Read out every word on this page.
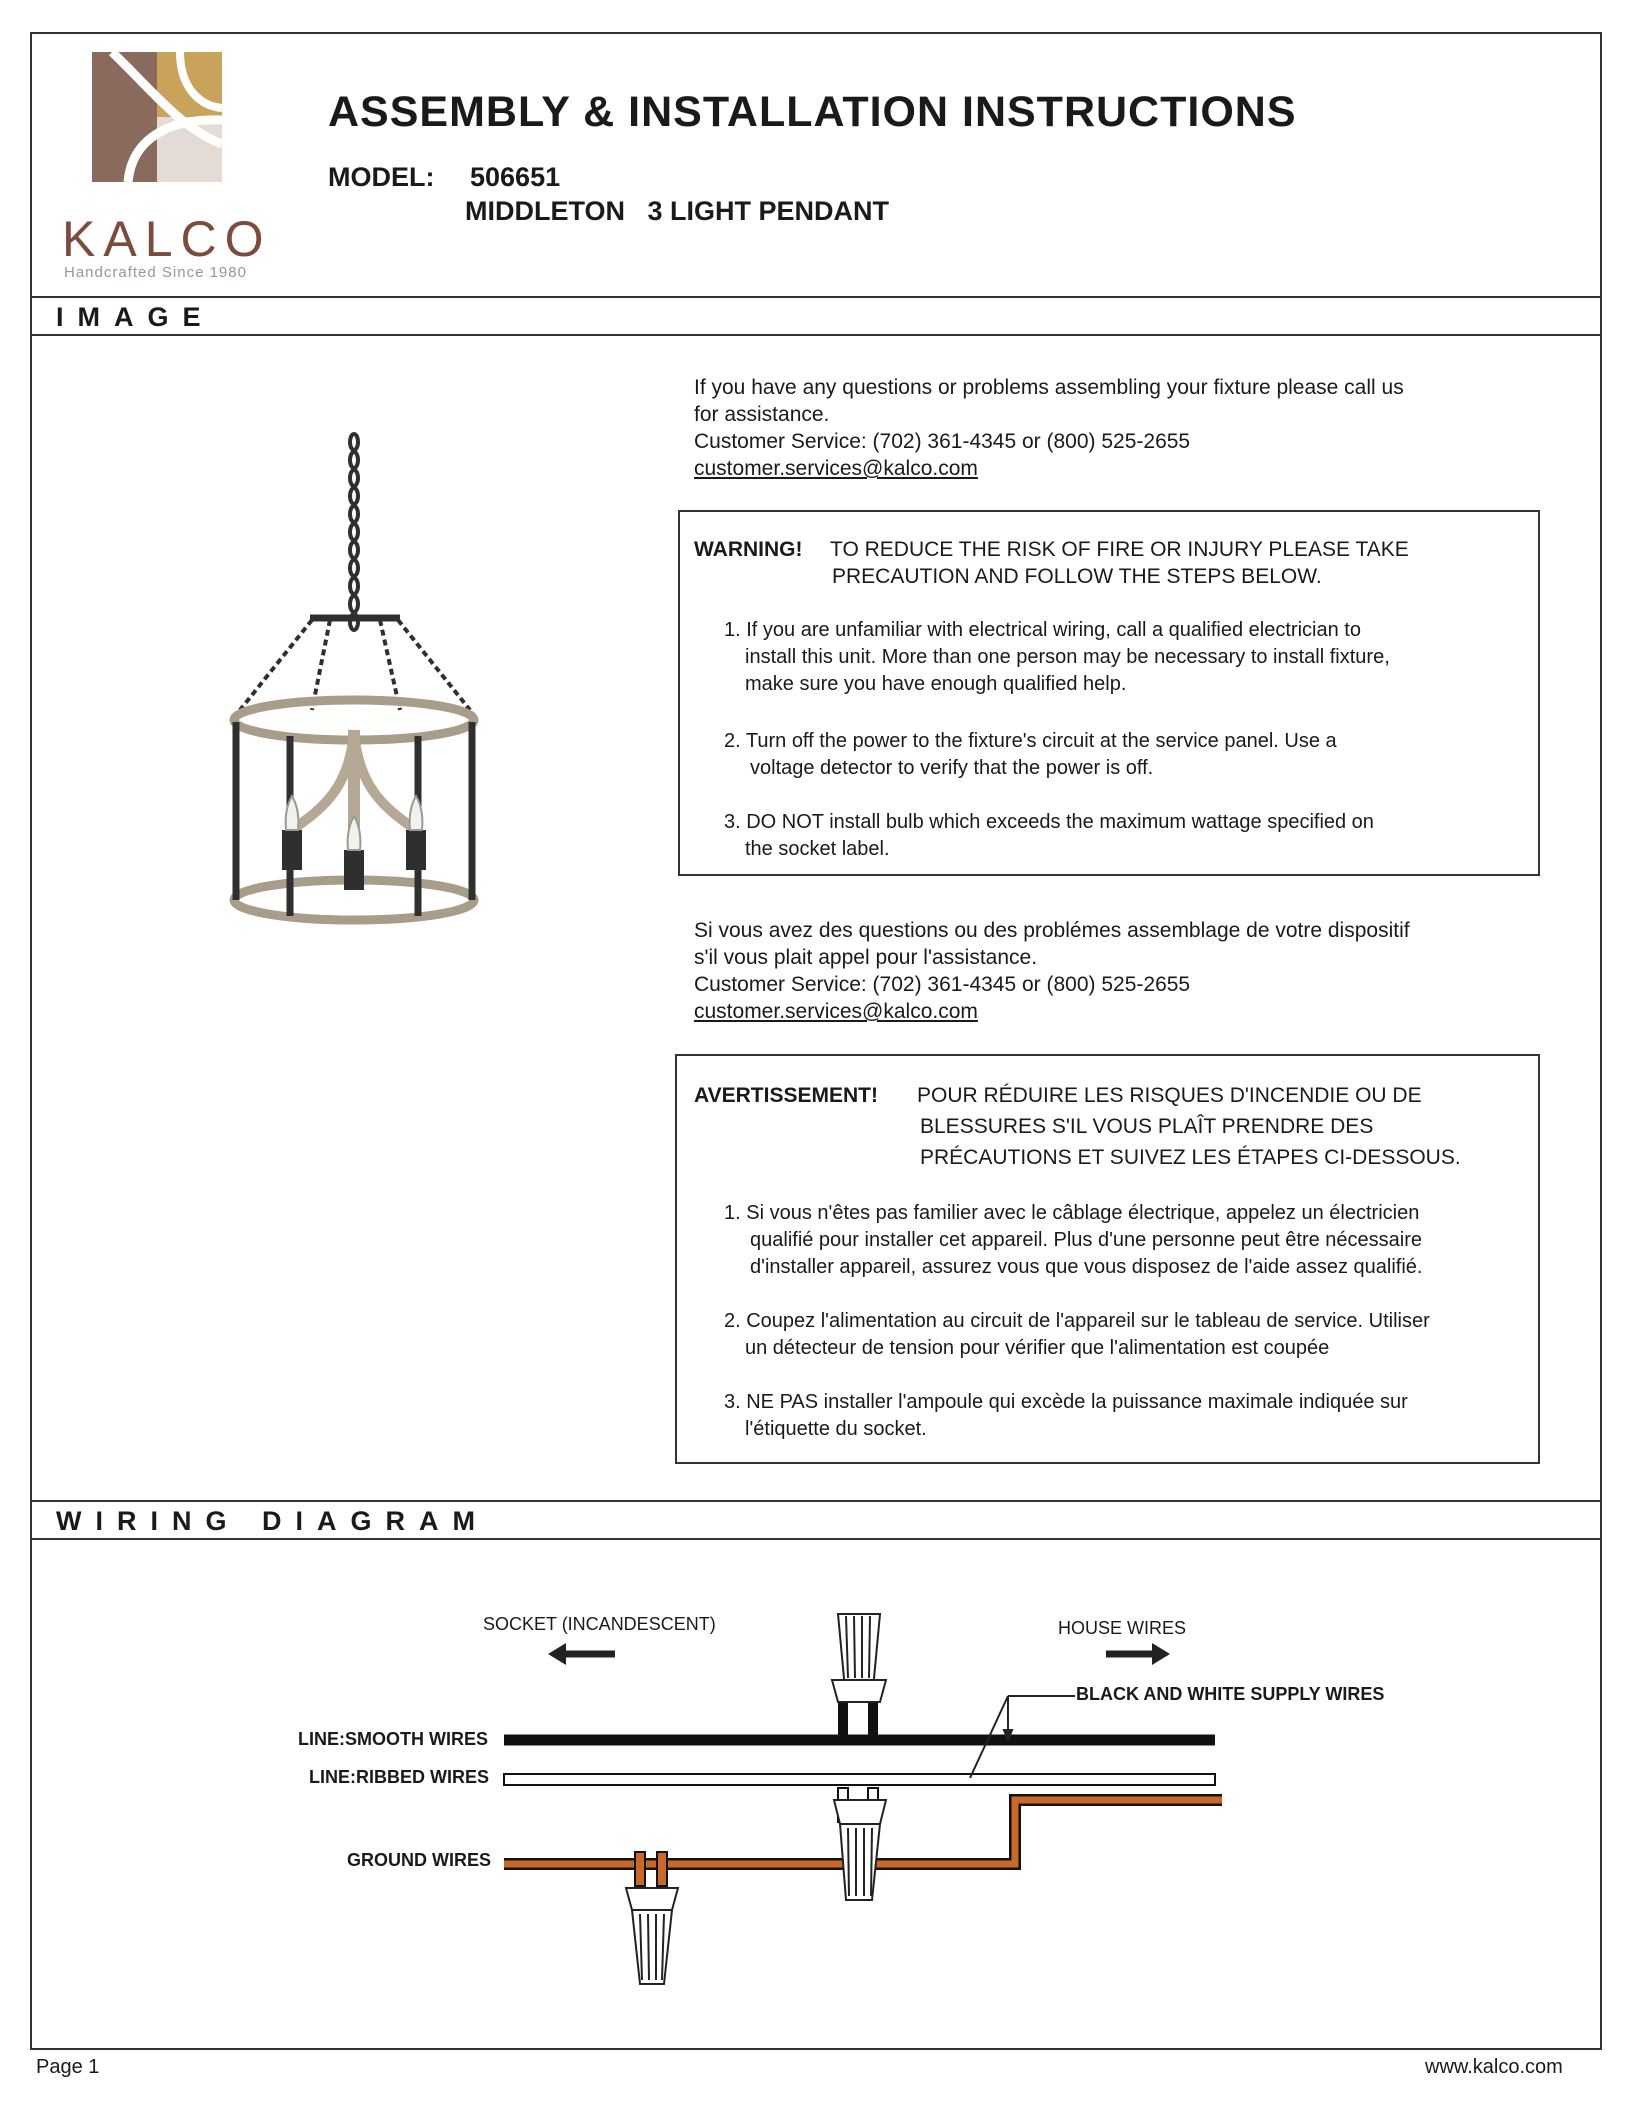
KALCO
Handcrafted Since 1980
ASSEMBLY & INSTALLATION INSTRUCTIONS
MODEL: 506651
MIDDLETON   3 LIGHT PENDANT
IMAGE
If you have any questions or problems assembling your fixture please call us
for assistance.
Customer Service: (702) 361-4345 or (800) 525-2655
customer.services@kalco.com
WARNING! TO REDUCE THE RISK OF FIRE OR INJURY PLEASE TAKE
PRECAUTION AND FOLLOW THE STEPS BELOW.
1. If you are unfamiliar with electrical wiring, call a qualified electrician to
install this unit. More than one person may be necessary to install fixture,
make sure you have enough qualified help.
2. Turn off the power to the fixture's circuit at the service panel. Use a
voltage detector to verify that the power is off.
3. DO NOT install bulb which exceeds the maximum wattage specified on
the socket label.
Si vous avez des questions ou des problémes assemblage de votre dispositif
s'il vous plait appel pour l'assistance.
Customer Service: (702) 361-4345 or (800) 525-2655
customer.services@kalco.com
AVERTISSEMENT! POUR RÉDUIRE LES RISQUES D'INCENDIE OU DE
BLESSURES S'IL VOUS PLAÎT PRENDRE DES
PRÉCAUTIONS ET SUIVEZ LES ÉTAPES CI-DESSOUS.
1. Si vous n'êtes pas familier avec le câblage électrique, appelez un électricien
qualifié pour installer cet appareil. Plus d'une personne peut être nécessaire
d'installer appareil, assurez vous que vous disposez de l'aide assez qualifié.
2. Coupez l'alimentation au circuit de l'appareil sur le tableau de service. Utiliser
un détecteur de tension pour vérifier que l'alimentation est coupée
3. NE PAS installer l'ampoule qui excède la puissance maximale indiquée sur
l'étiquette du socket.
WIRING DIAGRAM
SOCKET (INCANDESCENT)	HOUSE WIRES
BLACK AND WHITE SUPPLY WIRES
LINE:SMOOTH WIRES
LINE:RIBBED WIRES
GROUND WIRES
Page 1	www.kalco.com
